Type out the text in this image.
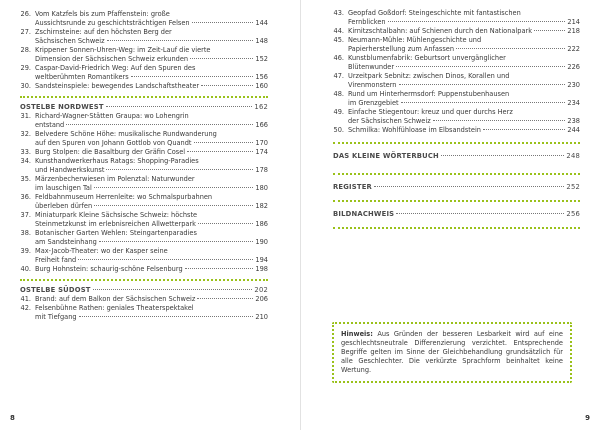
26. Vom Katzfels bis zum Pfaffenstein: große
Aussichtsrunde zu geschichtsträchtigen Felsen	144
27. Zschirnsteine: auf den höchsten Berg der
Sächsischen Schweiz	148
28. Krippener Sonnen-Uhren-Weg: im Zeit-Lauf die vierte
Dimension der Sächsischen Schweiz erkunden	152
29. Caspar-David-Friedrich Weg: Auf den Spuren des
weltberühmten Romantikers	156
30. Sandsteinspiele: bewegendes Landschaftstheater	160
OSTELBE NORDWEST	162
31. Richard-Wagner-Stätten Graupa: wo Lohengrin
entstand	166
32. Belvedere Schöne Höhe: musikalische Rundwanderung
auf den Spuren von Johann Gottlob von Quandt	170
33. Burg Stolpen: die Basaltburg der Gräfin Cosel	174
34. Kunsthandwerkerhaus Ratags: Shopping-Paradies
und Handwerkskunst	178
35. Märzenbecherwiesen im Polenztal: Naturwunder
im lauschigen Tal	180
36. Feldbahnmuseum Herrenleite: wo Schmalspurbahnen
überleben dürfen	182
37. Miniaturpark Kleine Sächsische Schweiz: höchste
Steinmetzkunst im erlebnisreichen Allwetterpark	186
38. Botanischer Garten Wehlen: Steingartenparadies
am Sandsteinhang	190
39. Max-Jacob-Theater: wo der Kasper seine
Freiheit fand	194
40. Burg Hohnstein: schaurig-schöne Felsenburg	198
OSTELBE SÜDOST	202
41. Brand: auf dem Balkon der Sächsischen Schweiz	206
42. Felsenbühne Rathen: geniales Theaterspektakel
mit Tiefgang	210
8
43. Geopfad Goßdorf: Steingeschichte mit fantastischen
Fernblicken	214
44. Kirnitzschtalbahn: auf Schienen durch den Nationalpark	218
45. Neumann-Mühle: Mühlengeschichte und
Papierherstellung zum Anfassen	222
46. Kunstblumenfabrik: Geburtsort unvergänglicher
Blütenwunder	226
47. Urzeitpark Sebnitz: zwischen Dinos, Korallen und
Virenmonstern	230
48. Rund um Hinterhermsdorf: Puppenstubenhausen
im Grenzgebiet	234
49. Einfache Stiegentour: kreuz und quer durchs Herz
der Sächsischen Schweiz	238
50. Schmilka: Wohlfühloase im Elbsandstein	244
DAS KLEINE WÖRTERBUCH	248
REGISTER	252
BILDNACHWEIS	256
Hinweis: Aus Gründen der besseren Lesbarkeit wird auf eine geschlechtsneutrale Differenzierung verzichtet. Entsprechende Begriffe gelten im Sinne der Gleichbehandlung grundsätzlich für alle Geschlechter. Die verkürzte Sprachform beinhaltet keine Wertung.
9
